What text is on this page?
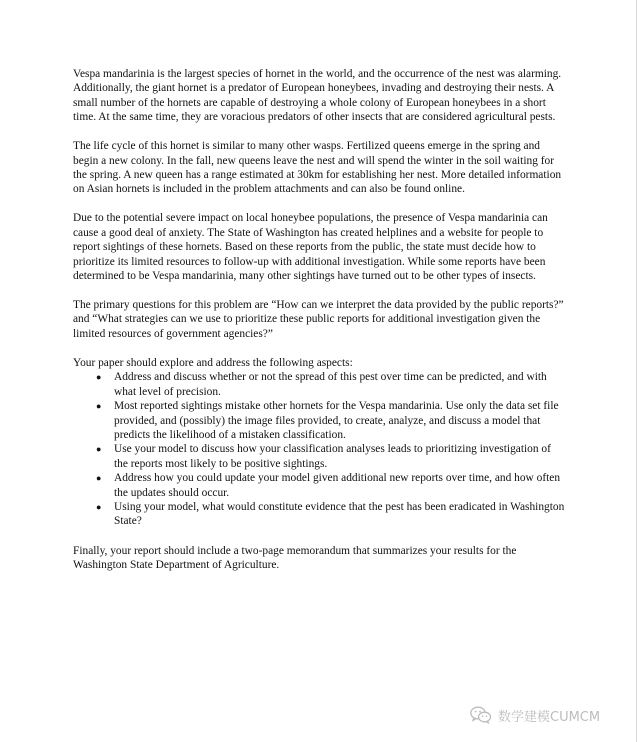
Vespa mandarinia is the largest species of hornet in the world, and the occurrence of the nest was alarming. Additionally, the giant hornet is a predator of European honeybees, invading and destroying their nests. A small number of the hornets are capable of destroying a whole colony of European honeybees in a short time. At the same time, they are voracious predators of other insects that are considered agricultural pests.

The life cycle of this hornet is similar to many other wasps. Fertilized queens emerge in the spring and begin a new colony. In the fall, new queens leave the nest and will spend the winter in the soil waiting for the spring. A new queen has a range estimated at 30km for establishing her nest. More detailed information on Asian hornets is included in the problem attachments and can also be found online.

Due to the potential severe impact on local honeybee populations, the presence of Vespa mandarinia can cause a good deal of anxiety. The State of Washington has created helplines and a website for people to report sightings of these hornets. Based on these reports from the public, the state must decide how to prioritize its limited resources to follow-up with additional investigation. While some reports have been determined to be Vespa mandarinia, many other sightings have turned out to be other types of insects.

The primary questions for this problem are “How can we interpret the data provided by the public reports?” and “What strategies can we use to prioritize these public reports for additional investigation given the limited resources of government agencies?”

Your paper should explore and address the following aspects:

● Address and discuss whether or not the spread of this pest over time can be predicted, and with what level of precision.
● Most reported sightings mistake other hornets for the Vespa mandarinia. Use only the data set file provided, and (possibly) the image files provided, to create, analyze, and discuss a model that predicts the likelihood of a mistaken classification.
● Use your model to discuss how your classification analyses leads to prioritizing investigation of the reports most likely to be positive sightings.
● Address how you could update your model given additional new reports over time, and how often the updates should occur.
● Using your model, what would constitute evidence that the pest has been eradicated in Washington State?

Finally, your report should include a two-page memorandum that summarizes your results for the Washington State Department of Agriculture.

数学建模CUMCM
